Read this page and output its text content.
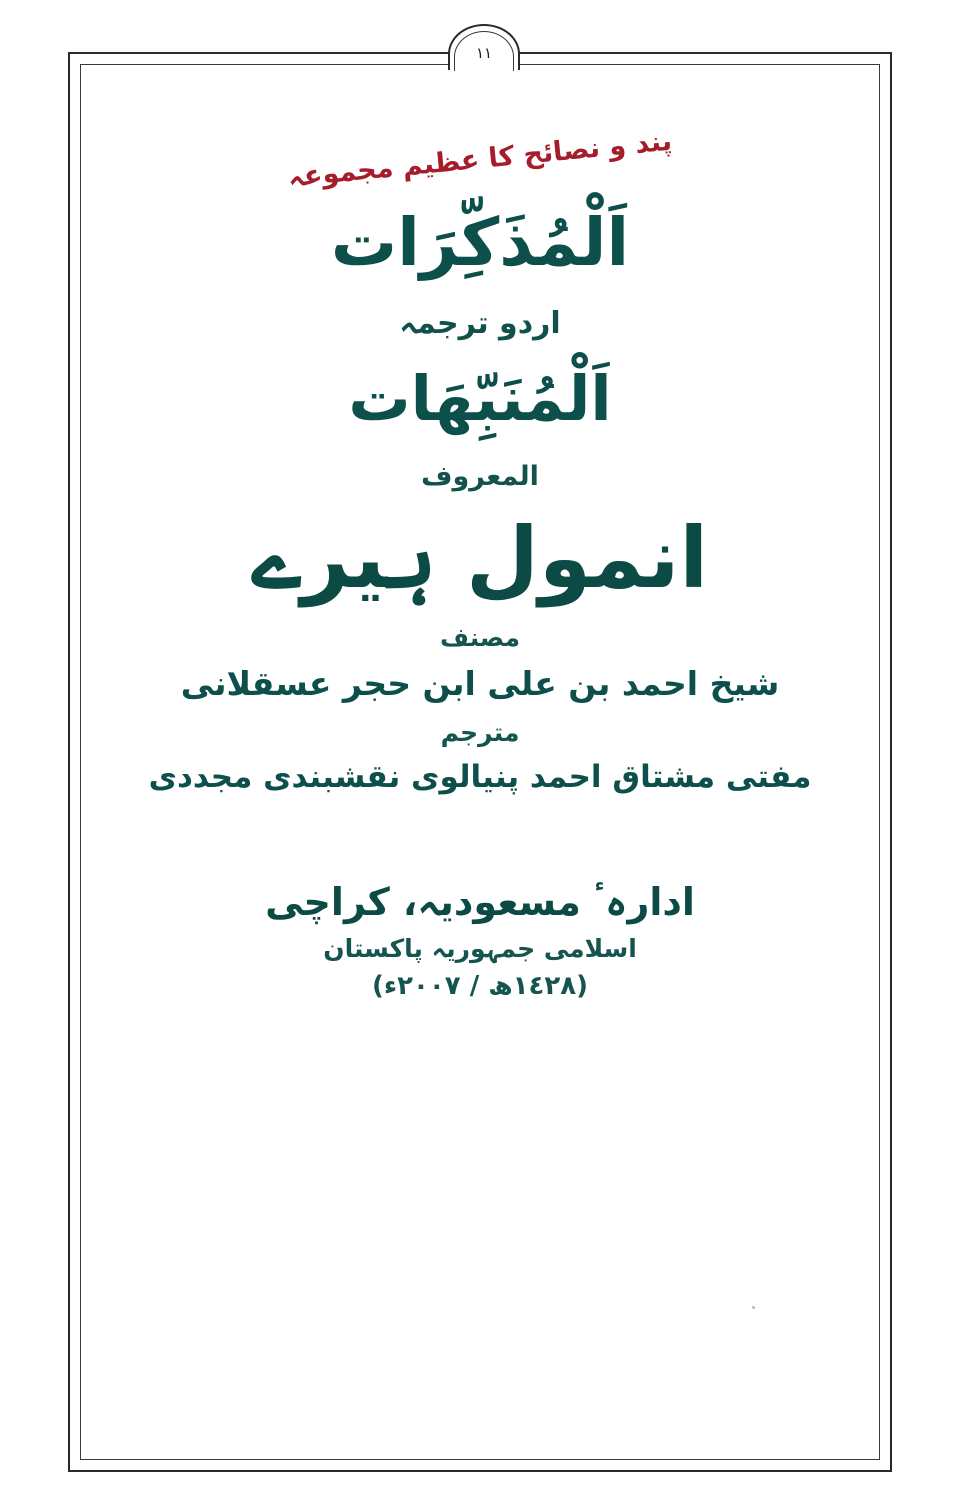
١١
پند و نصائح کا عظیم مجموعہ
اَلْمُذَكِّرَات
اردو ترجمہ
اَلْمُنَبِّهَات
المعروف
انمول ہیرے
مصنف
شیخ احمد بن علی ابن حجر عسقلانی
مترجم
مفتی مشتاق احمد پنیالوی نقشبندی مجددی
ادارہٴ مسعودیہ، کراچی
اسلامی جمہوریہ پاکستان
(١٤٢٨ھ / ٢٠٠٧ء)
